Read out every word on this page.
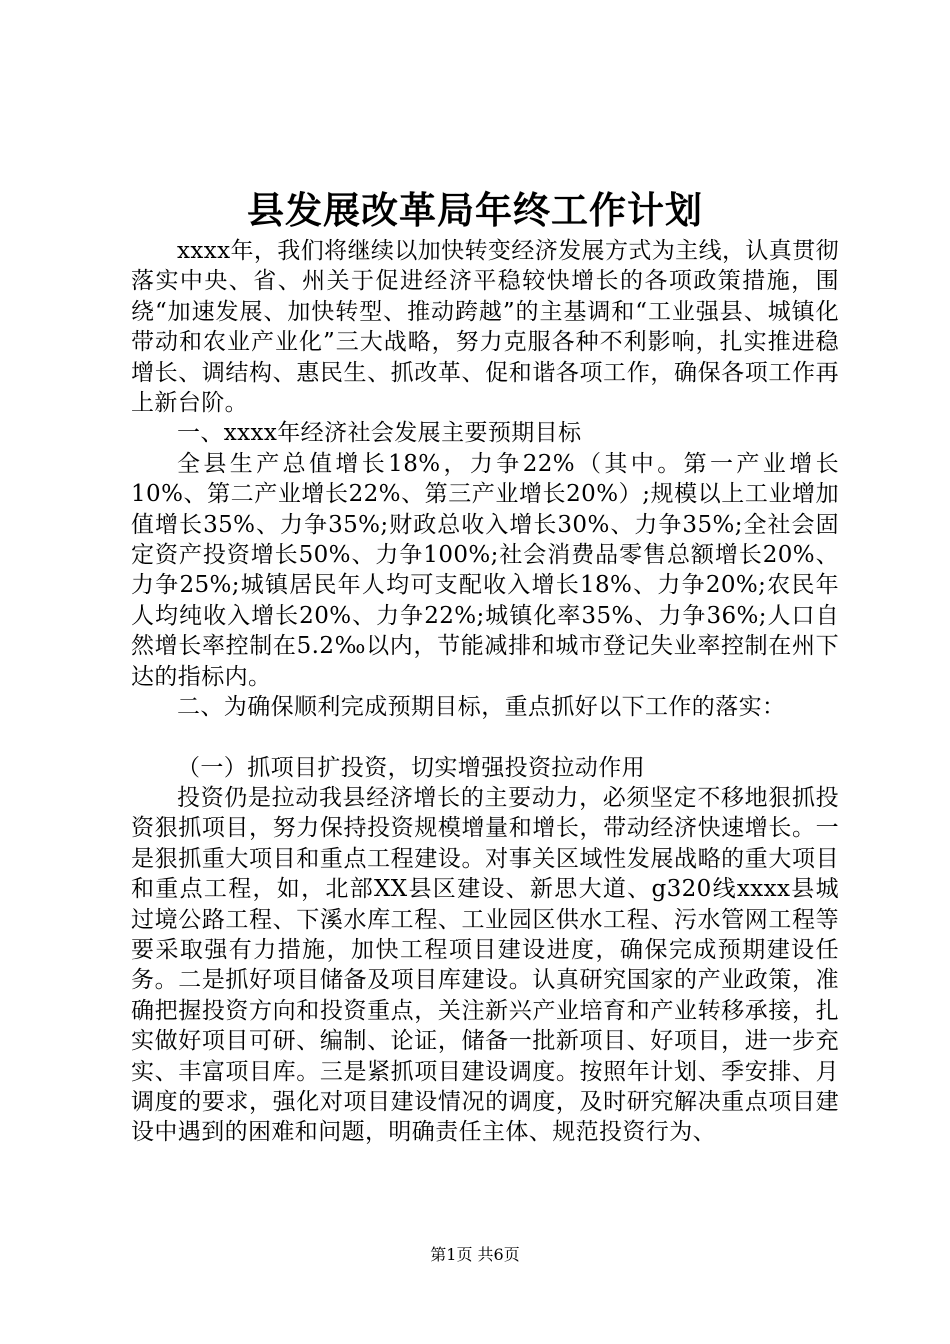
县发展改革局年终工作计划

xxxx年，我们将继续以加快转变经济发展方式为主线，认真贯彻落实中央、省、州关于促进经济平稳较快增长的各项政策措施，围绕“加速发展、加快转型、推动跨越”的主基调和“工业强县、城镇化带动和农业产业化”三大战略，努力克服各种不利影响，扎实推进稳增长、调结构、惠民生、抓改革、促和谐各项工作，确保各项工作再上新台阶。

一、xxxx年经济社会发展主要预期目标

全县生产总值增长18%，力争22%（其中。第一产业增长10%、第二产业增长22%、第三产业增长20%）;规模以上工业增加值增长35%、力争35%;财政总收入增长30%、力争35%;全社会固定资产投资增长50%、力争100%;社会消费品零售总额增长20%、力争25%;城镇居民年人均可支配收入增长18%、力争20%;农民年人均纯收入增长20%、力争22%;城镇化率35%、力争36%;人口自然增长率控制在5.2‰以内，节能减排和城市登记失业率控制在州下达的指标内。

二、为确保顺利完成预期目标，重点抓好以下工作的落实：

（一）抓项目扩投资，切实增强投资拉动作用

投资仍是拉动我县经济增长的主要动力，必须坚定不移地狠抓投资狠抓项目，努力保持投资规模增量和增长，带动经济快速增长。一是狠抓重大项目和重点工程建设。对事关区域性发展战略的重大项目和重点工程，如，北部XX县区建设、新思大道、g320线xxxx县城过境公路工程、下溪水库工程、工业园区供水工程、污水管网工程等要采取强有力措施，加快工程项目建设进度，确保完成预期建设任务。二是抓好项目储备及项目库建设。认真研究国家的产业政策，准确把握投资方向和投资重点，关注新兴产业培育和产业转移承接，扎实做好项目可研、编制、论证，储备一批新项目、好项目，进一步充实、丰富项目库。三是紧抓项目建设调度。按照年计划、季安排、月调度的要求，强化对项目建设情况的调度，及时研究解决重点项目建设中遇到的困难和问题，明确责任主体、规范投资行为、

第1页 共6页
